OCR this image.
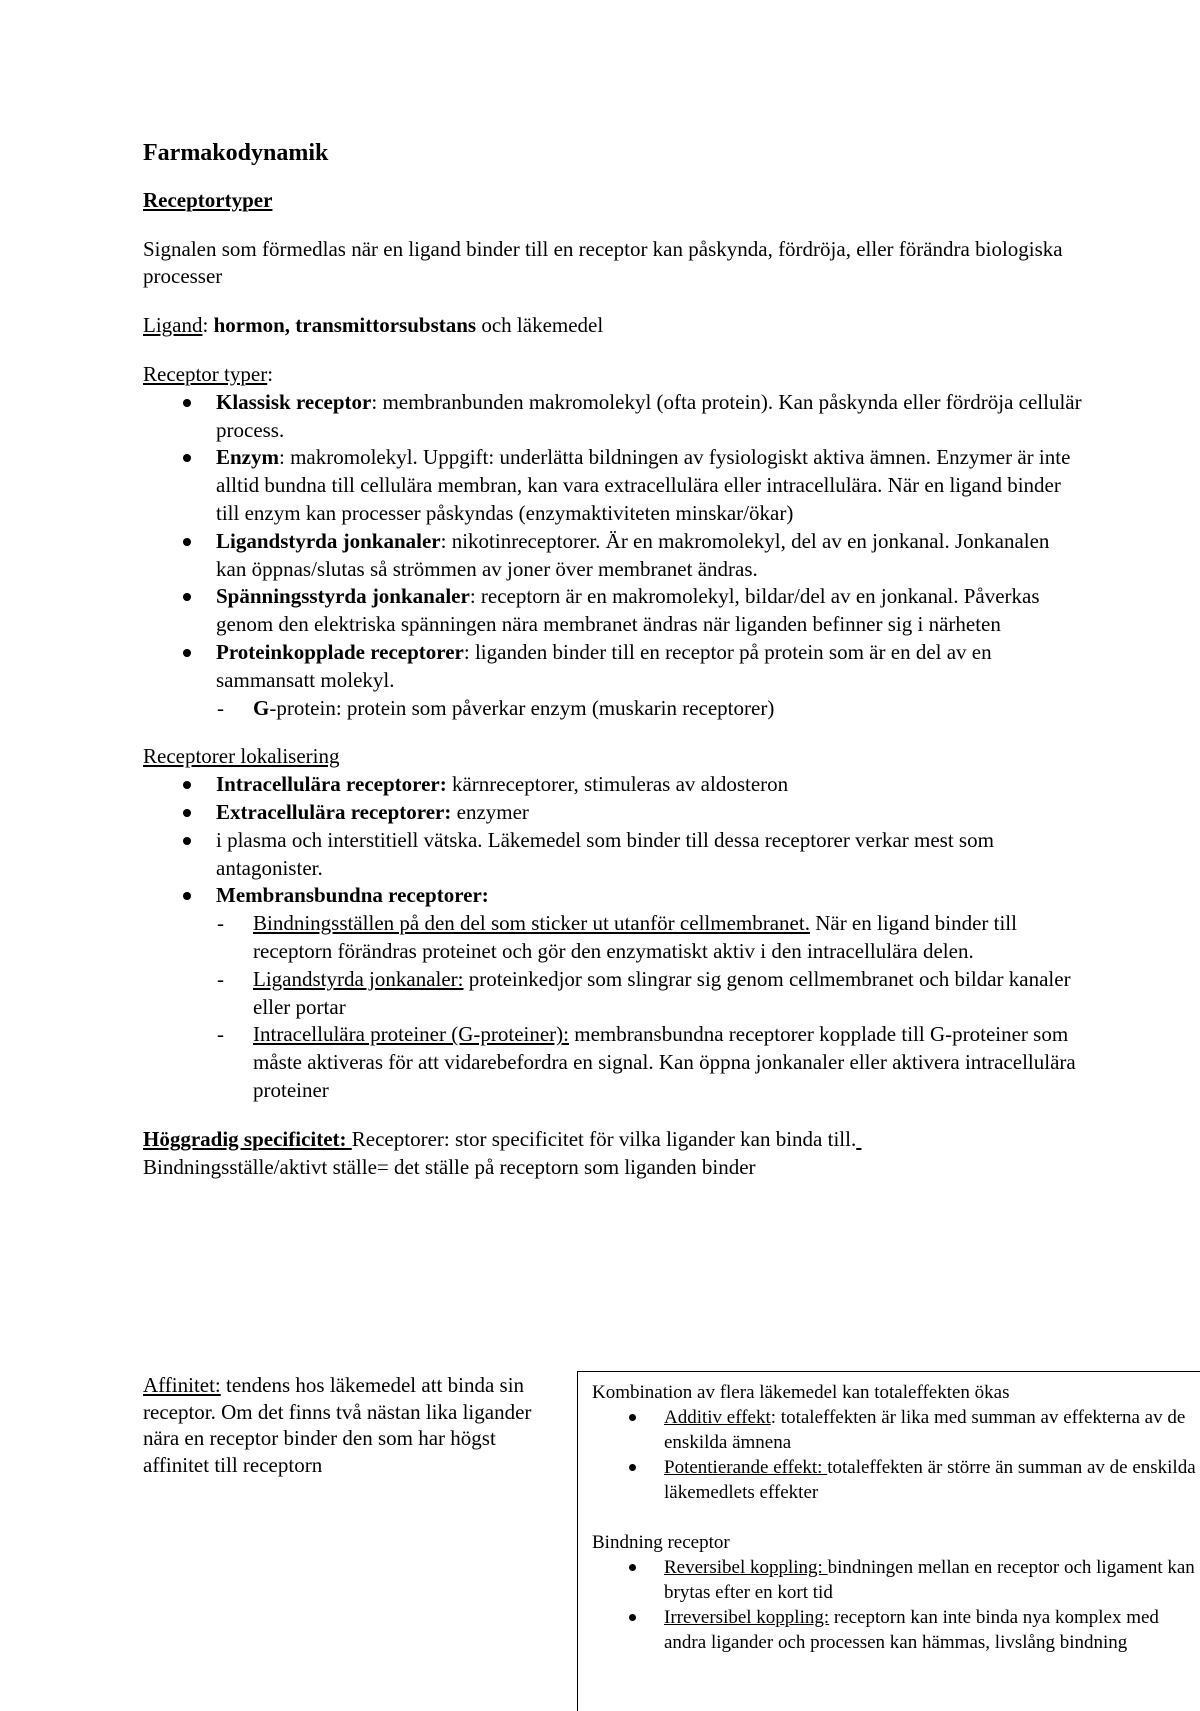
Farmakodynamik

Receptortyper

Signalen som förmedlas när en ligand binder till en receptor kan påskynda, fördröja, eller förändra biologiska processer

Ligand: hormon, transmittorsubstans och läkemedel

Receptor typer:

Klassisk receptor: membranbunden makromolekyl (ofta protein). Kan påskynda eller fördröja cellulär process.
Enzym: makromolekyl. Uppgift: underlätta bildningen av fysiologiskt aktiva ämnen. Enzymer är inte alltid bundna till cellulära membran, kan vara extracellulära eller intracellulära. När en ligand binder till enzym kan processer påskyndas (enzymaktiviteten minskar/ökar)
Ligandstyrda jonkanaler: nikotinreceptorer. Är en makromolekyl, del av en jonkanal. Jonkanalen kan öppnas/slutas så strömmen av joner över membranet ändras.
Spänningsstyrda jonkanaler: receptorn är en makromolekyl, bildar/del av en jonkanal. Påverkas genom den elektriska spänningen nära membranet ändras när liganden befinner sig i närheten
Proteinkopplade receptorer: liganden binder till en receptor på protein som är en del av en sammansatt molekyl.
- G-protein: protein som påverkar enzym (muskarin receptorer)

Receptorer lokalisering

Intracellulära receptorer: kärnreceptorer, stimuleras av aldosteron
Extracellulära receptorer: enzymer
i plasma och interstitiell vätska. Läkemedel som binder till dessa receptorer verkar mest som antagonister.
Membransbundna receptorer:
- Bindningsställen på den del som sticker ut utanför cellmembranet. När en ligand binder till receptorn förändras proteinet och gör den enzymatiskt aktiv i den intracellulära delen.
- Ligandstyrda jonkanaler: proteinkedjor som slingrar sig genom cellmembranet och bildar kanaler eller portar
- Intracellulära proteiner (G-proteiner): membransbundna receptorer kopplade till G-proteiner som måste aktiveras för att vidarebefordra en signal. Kan öppna jonkanaler eller aktivera intracellulära proteiner

Höggradig specificitet: Receptorer: stor specificitet för vilka ligander kan binda till.

Bindningsställe/aktivt ställe= det ställe på receptorn som liganden binder

Affinitet: tendens hos läkemedel att binda sin receptor. Om det finns två nästan lika ligander nära en receptor binder den som har högst affinitet till receptorn

Kombination av flera läkemedel kan totaleffekten ökas

Additiv effekt: totaleffekten är lika med summan av effekterna av de enskilda ämnena
Potentierande effekt: totaleffekten är större än summan av de enskilda läkemedlets effekter

Bindning receptor

Reversibel koppling: bindningen mellan en receptor och ligament kan brytas efter en kort tid
Irreversibel koppling: receptorn kan inte binda nya komplex med andra ligander och processen kan hämmas, livslång bindning
